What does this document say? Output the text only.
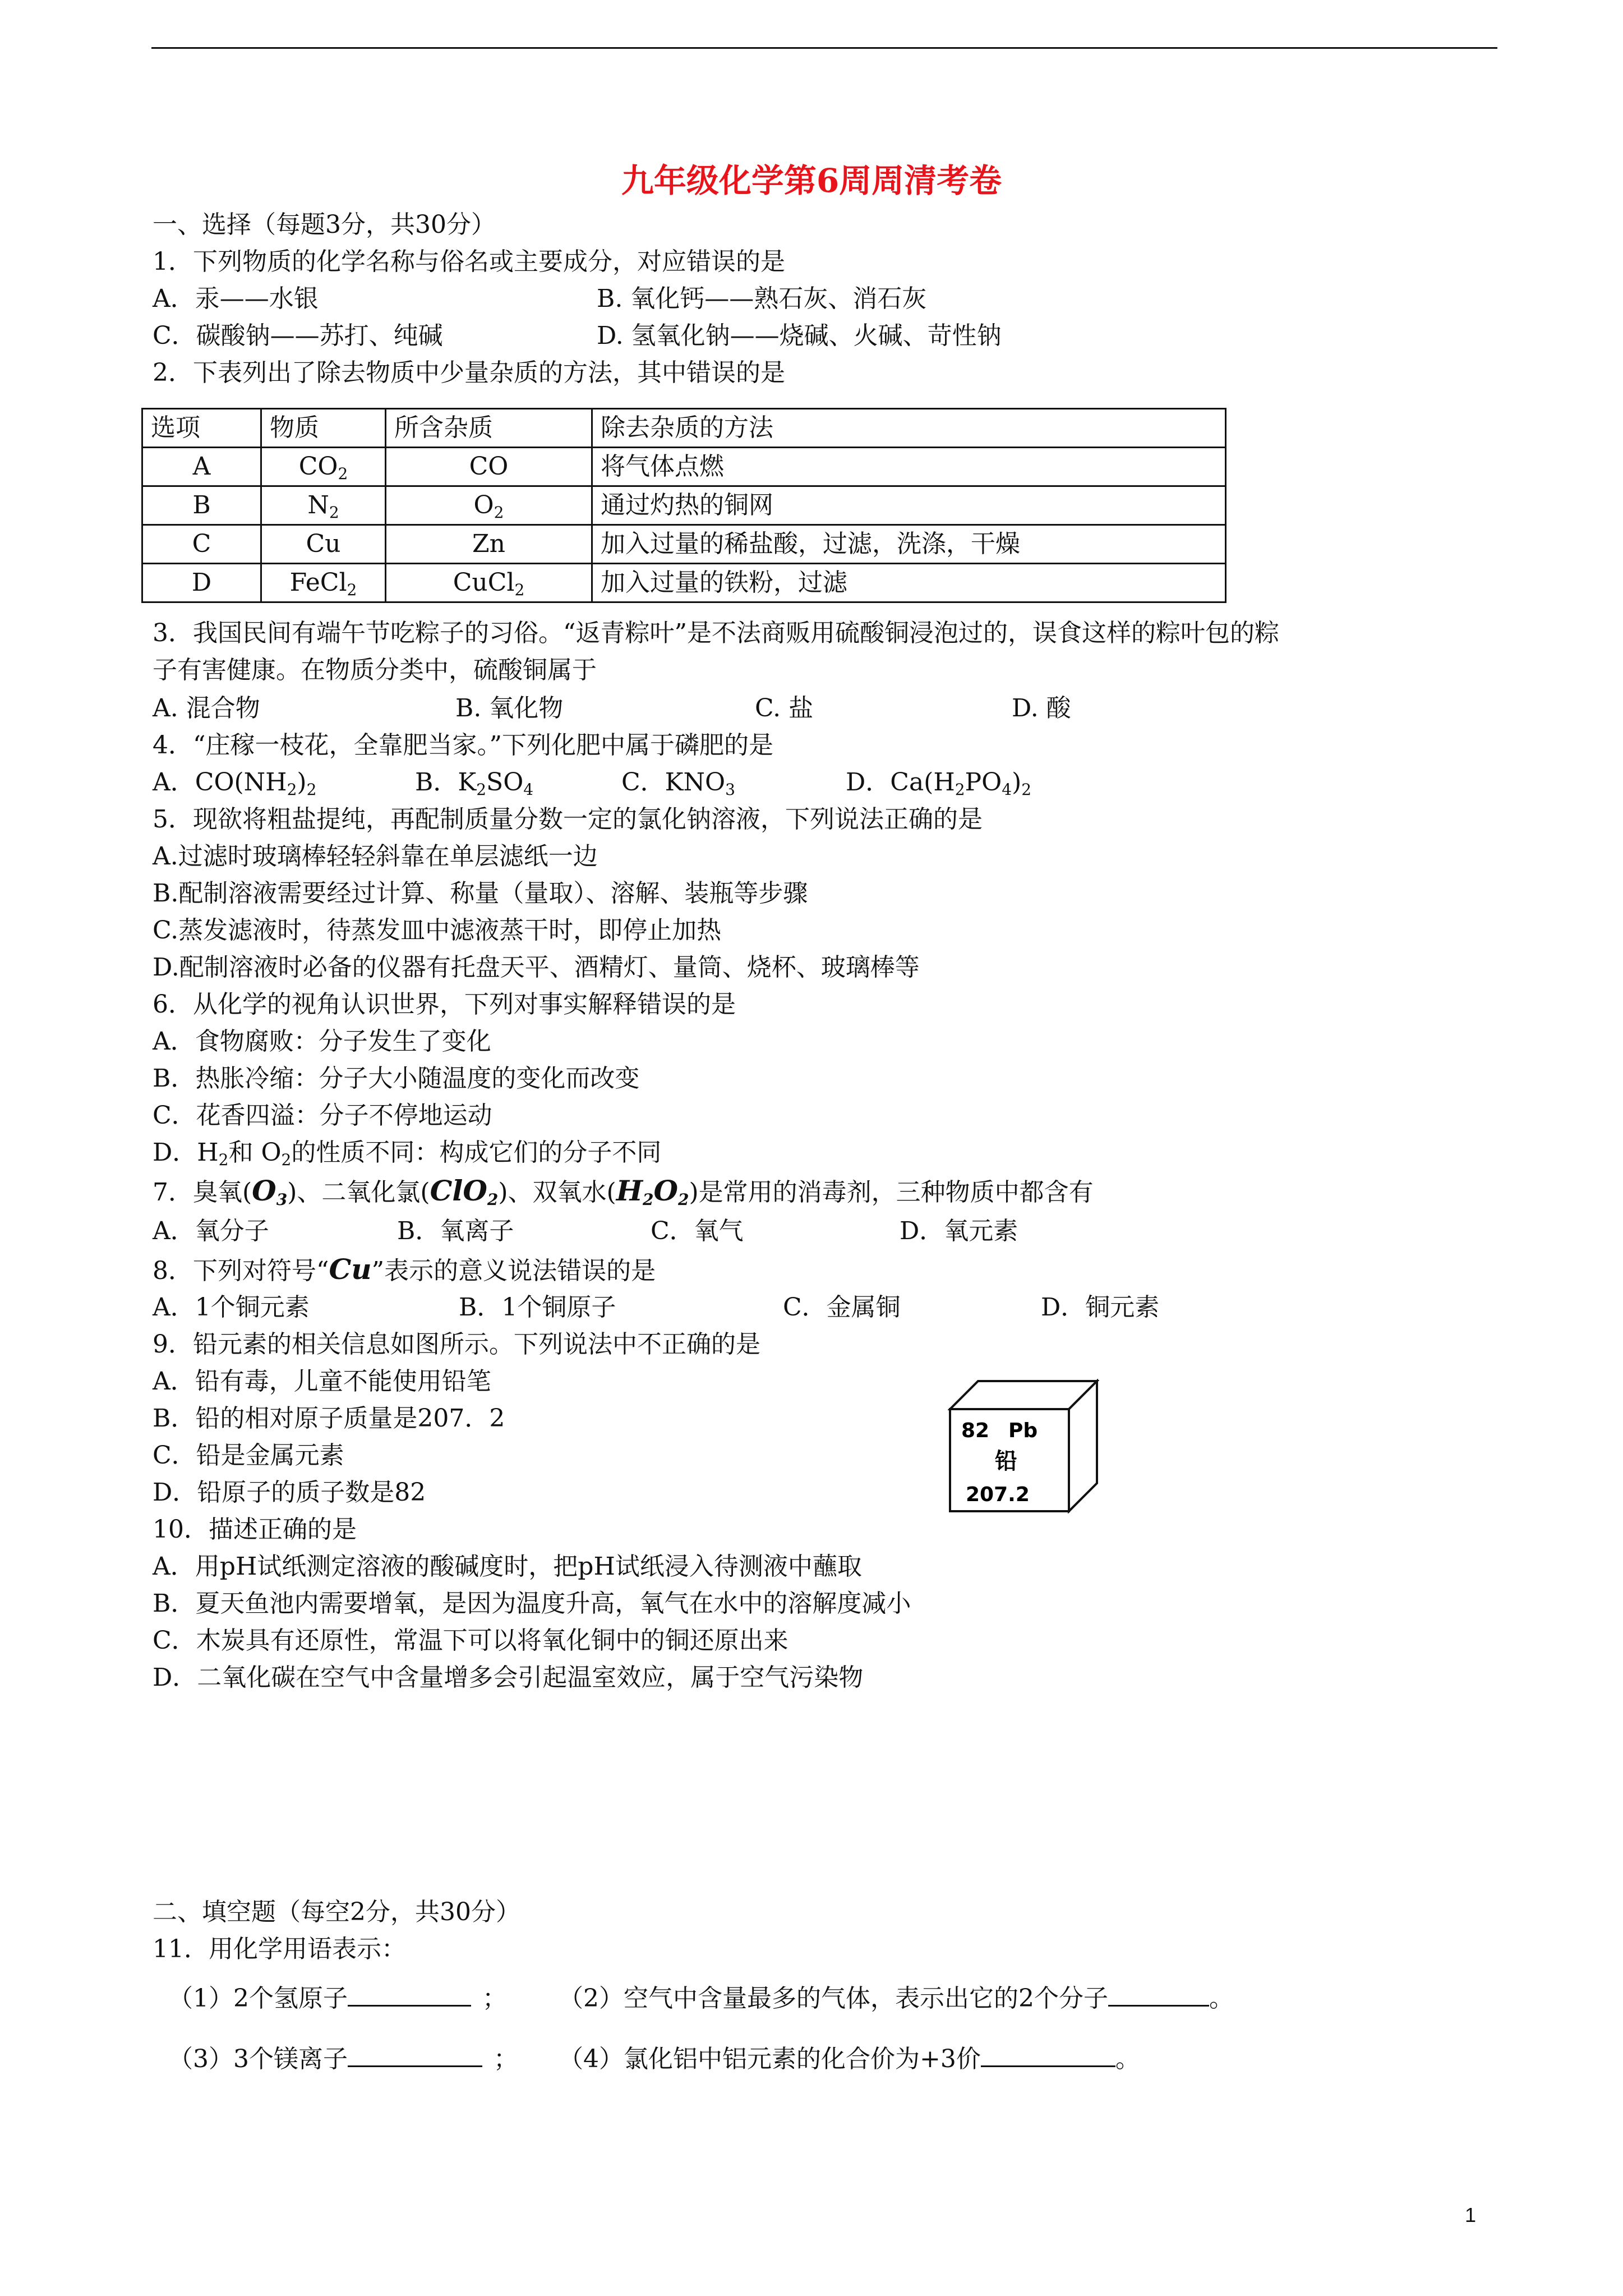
九年级化学第6周周清考卷
一、选择（每题3分，共30分）
1．下列物质的化学名称与俗名或主要成分，对应错误的是
A．汞——水银	B. 氧化钙——熟石灰、消石灰
C．碳酸钠——苏打、纯碱	D. 氢氧化钠——烧碱、火碱、苛性钠
2．下表列出了除去物质中少量杂质的方法，其中错误的是
选项	物质	所含杂质	除去杂质的方法
A	$CO_2$	CO	将气体点燃
B	$N_2$	$O_2$	通过灼热的铜网
C	Cu	Zn	加入过量的稀盐酸，过滤，洗涤，干燥
D	FeCl$_2$	CuCl$_2$	加入过量的铁粉，过滤
3．我国民间有端午节吃粽子的习俗。“返青粽叶”是不法商贩用硫酸铜浸泡过的，误食这样的粽叶包的粽
子有害健康。在物质分类中，硫酸铜属于
A. 混合物	B. 氧化物	C. 盐	D. 酸
4．“庄稼一枝花，全靠肥当家。”下列化肥中属于磷肥的是
A．$CO(NH_2)_2$	B．$K_2SO_4$	C．$KNO_3$	D．$Ca(H_2PO_4)_2$
5．现欲将粗盐提纯，再配制质量分数一定的氯化钠溶液，下列说法正确的是
A.过滤时玻璃棒轻轻斜靠在单层滤纸一边
B.配制溶液需要经过计算、称量（量取）、溶解、装瓶等步骤
C.蒸发滤液时，待蒸发皿中滤液蒸干时，即停止加热
D.配制溶液时必备的仪器有托盘天平、酒精灯、量筒、烧杯、玻璃棒等
6．从化学的视角认识世界，下列对事实解释错误的是
A．食物腐败：分子发生了变化
B．热胀冷缩：分子大小随温度的变化而改变
C．花香四溢：分子不停地运动
D．$H_2$和 $O_2$的性质不同：构成它们的分子不同
7．臭氧$(O_3)$、二氧化氯(ClO$_2$)、双氧水$(H_2O_2)$是常用的消毒剂，三种物质中都含有
A．氧分子	B．氧离子	C．氧气	D．氧元素
8．下列对符号“Cu”表示的意义说法错误的是
A．1个铜元素	B．1个铜原子	C．金属铜	D．铜元素
9．铅元素的相关信息如图所示。下列说法中不正确的是
A．铅有毒，儿童不能使用铅笔
B．铅的相对原子质量是207．2
C．铅是金属元素
D．铅原子的质子数是82
82 Pb
铅
207.2
10．描述正确的是
A．用pH试纸测定溶液的酸碱度时，把pH试纸浸入待测液中蘸取
B．夏天鱼池内需要增氧，是因为温度升高，氧气在水中的溶解度减小
C．木炭具有还原性，常温下可以将氧化铜中的铜还原出来
D．二氧化碳在空气中含量增多会引起温室效应，属于空气污染物
二、填空题（每空2分，共30分）
11．用化学用语表示：
（1）2个氢原子	； （2）空气中含量最多的气体，表示出它的2个分子	。
（3）3个镁离子	； （4）氯化铝中铝元素的化合价为+3价	。
1
